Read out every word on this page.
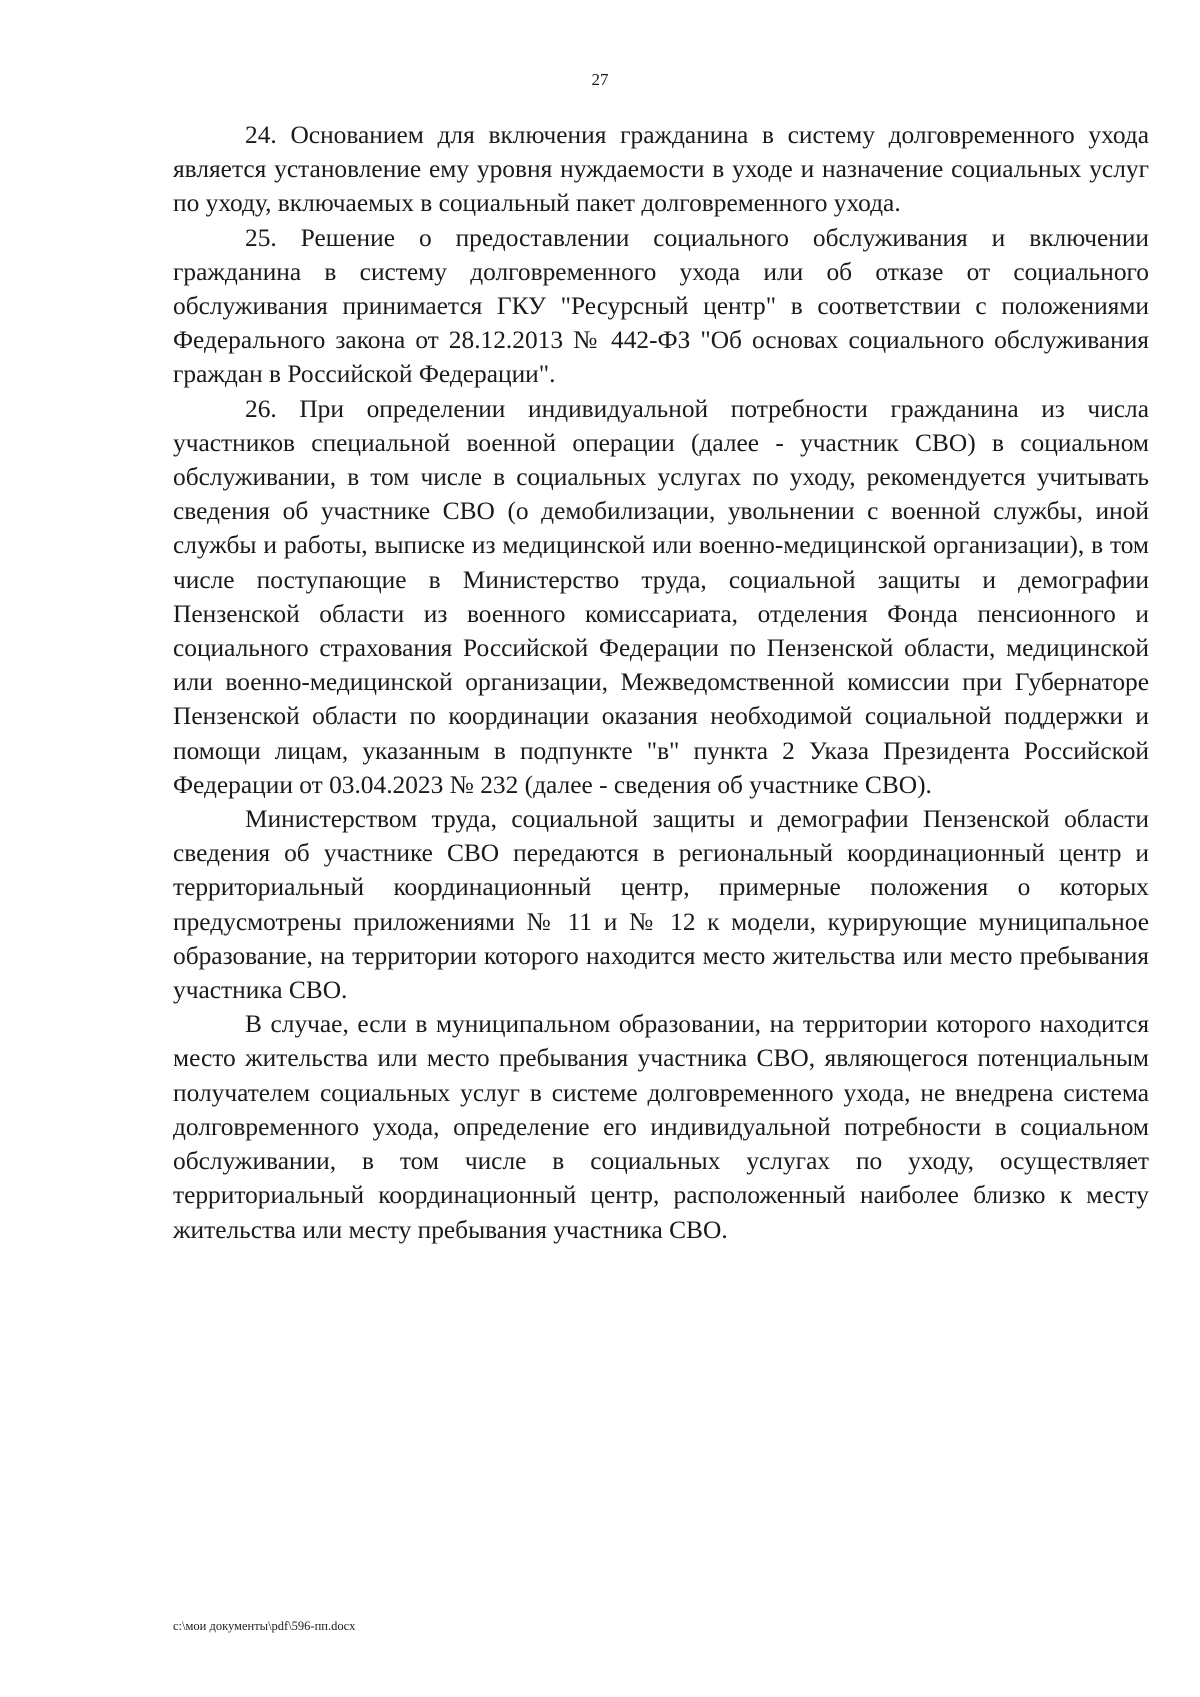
27

24. Основанием для включения гражданина в систему долговременного ухода является установление ему уровня нуждаемости в уходе и назначение социальных услуг по уходу, включаемых в социальный пакет долговременного ухода.

25. Решение о предоставлении социального обслуживания и включении гражданина в систему долговременного ухода или об отказе от социального обслуживания принимается ГКУ "Ресурсный центр" в соответствии с положениями Федерального закона от 28.12.2013 № 442-ФЗ "Об основах социального обслуживания граждан в Российской Федерации".

26. При определении индивидуальной потребности гражданина из числа участников специальной военной операции (далее - участник СВО) в социальном обслуживании, в том числе в социальных услугах по уходу, рекомендуется учитывать сведения об участнике СВО (о демобилизации, увольнении с военной службы, иной службы и работы, выписке из медицинской или военно-медицинской организации), в том числе поступающие в Министерство труда, социальной защиты и демографии Пензенской области из военного комиссариата, отделения Фонда пенсионного и социального страхования Российской Федерации по Пензенской области, медицинской или военно-медицинской организации, Межведомственной комиссии при Губернаторе Пензенской области по координации оказания необходимой социальной поддержки и помощи лицам, указанным в подпункте "в" пункта 2 Указа Президента Российской Федерации от 03.04.2023 № 232 (далее - сведения об участнике СВО).

Министерством труда, социальной защиты и демографии Пензенской области сведения об участнике СВО передаются в региональный координационный центр и территориальный координационный центр, примерные положения о которых предусмотрены приложениями № 11 и № 12 к модели, курирующие муниципальное образование, на территории которого находится место жительства или место пребывания участника СВО.

В случае, если в муниципальном образовании, на территории которого находится место жительства или место пребывания участника СВО, являющегося потенциальным получателем социальных услуг в системе долговременного ухода, не внедрена система долговременного ухода, определение его индивидуальной потребности в социальном обслуживании, в том числе в социальных услугах по уходу, осуществляет территориальный координационный центр, расположенный наиболее близко к месту жительства или месту пребывания участника СВО.

c:\мои документы\pdf\596-пп.docx
